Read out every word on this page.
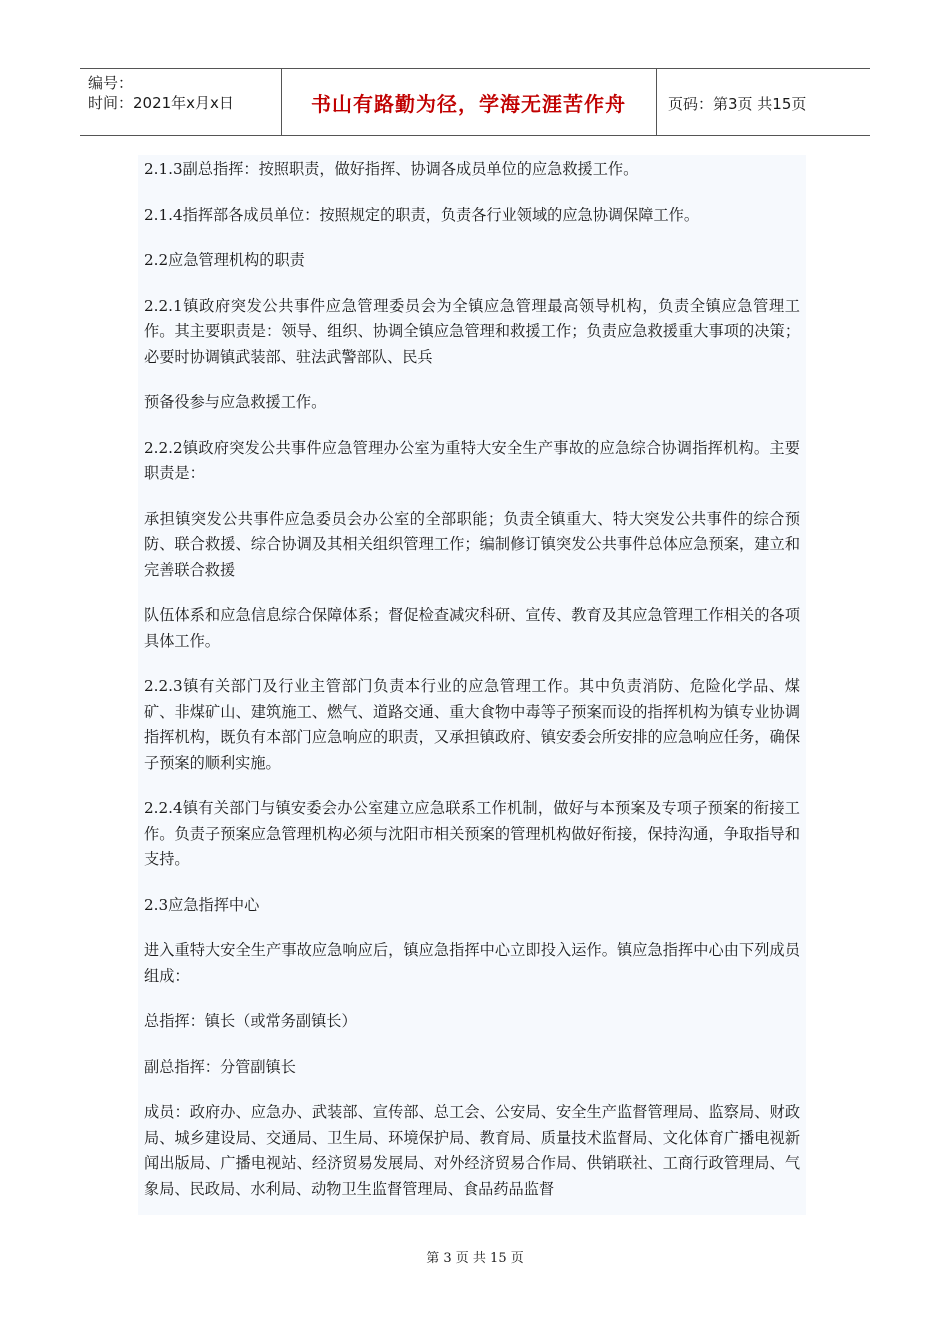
编号：
时间：2021年x月x日	书山有路勤为径，学海无涯苦作舟	页码：第3页 共15页

2.1.3副总指挥：按照职责，做好指挥、协调各成员单位的应急救援工作。

2.1.4指挥部各成员单位：按照规定的职责，负责各行业领域的应急协调保障工作。

2.2应急管理机构的职责

2.2.1镇政府突发公共事件应急管理委员会为全镇应急管理最高领导机构，负责全镇应急管理工作。其主要职责是：领导、组织、协调全镇应急管理和救援工作；负责应急救援重大事项的决策；必要时协调镇武装部、驻法武警部队、民兵

预备役参与应急救援工作。

2.2.2镇政府突发公共事件应急管理办公室为重特大安全生产事故的应急综合协调指挥机构。主要职责是：

承担镇突发公共事件应急委员会办公室的全部职能；负责全镇重大、特大突发公共事件的综合预防、联合救援、综合协调及其相关组织管理工作；编制修订镇突发公共事件总体应急预案，建立和完善联合救援

队伍体系和应急信息综合保障体系；督促检查减灾科研、宣传、教育及其应急管理工作相关的各项具体工作。

2.2.3镇有关部门及行业主管部门负责本行业的应急管理工作。其中负责消防、危险化学品、煤矿、非煤矿山、建筑施工、燃气、道路交通、重大食物中毒等子预案而设的指挥机构为镇专业协调指挥机构，既负有本部门应急响应的职责，又承担镇政府、镇安委会所安排的应急响应任务，确保子预案的顺利实施。

2.2.4镇有关部门与镇安委会办公室建立应急联系工作机制，做好与本预案及专项子预案的衔接工作。负责子预案应急管理机构必须与沈阳市相关预案的管理机构做好衔接，保持沟通，争取指导和支持。

2.3应急指挥中心

进入重特大安全生产事故应急响应后，镇应急指挥中心立即投入运作。镇应急指挥中心由下列成员组成：

总指挥：镇长（或常务副镇长）

副总指挥：分管副镇长

成员：政府办、应急办、武装部、宣传部、总工会、公安局、安全生产监督管理局、监察局、财政局、城乡建设局、交通局、卫生局、环境保护局、教育局、质量技术监督局、文化体育广播电视新闻出版局、广播电视站、经济贸易发展局、对外经济贸易合作局、供销联社、工商行政管理局、气象局、民政局、水利局、动物卫生监督管理局、食品药品监督

第 3 页 共 15 页
